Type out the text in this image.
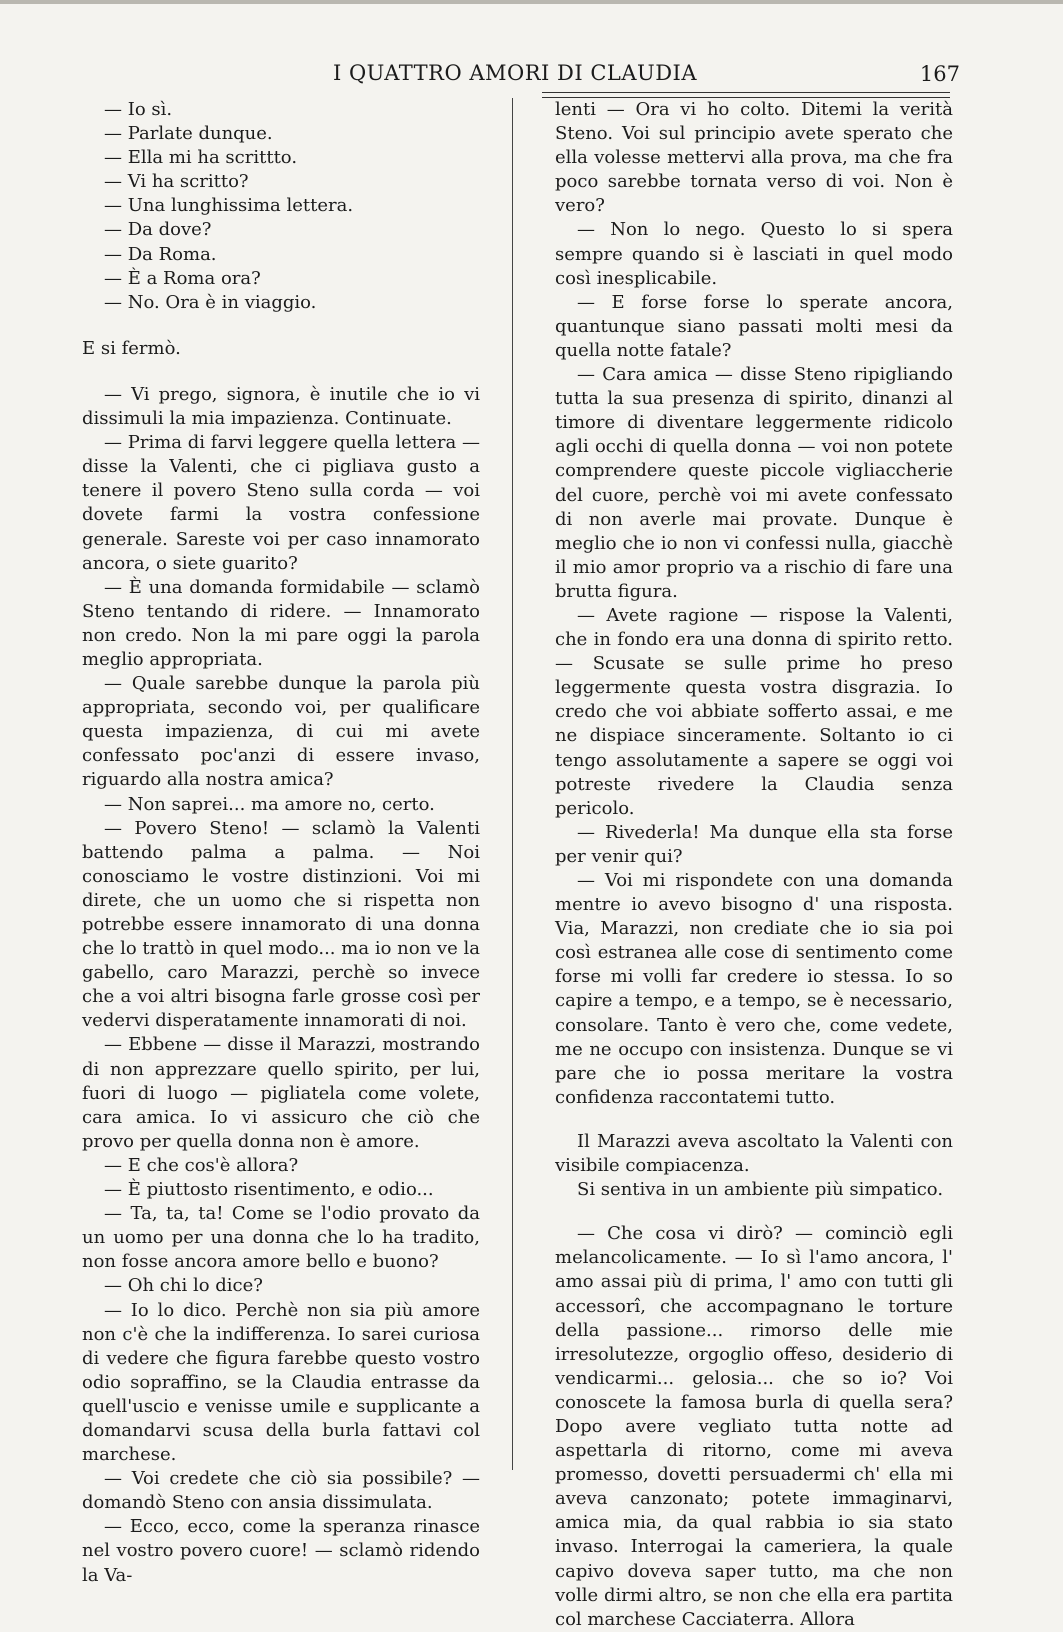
I QUATTRO AMORI DI CLAUDIA	167

— Io sì.

— Parlate dunque.

— Ella mi ha scrittto.

— Vi ha scritto?

— Una lunghissima lettera.

— Da dove?

— Da Roma.

— È a Roma ora?

— No. Ora è in viaggio.

E si fermò.

— Vi prego, signora, è inutile che io vi dissimuli la mia impazienza. Continuate.

— Prima di farvi leggere quella lettera — disse la Valenti, che ci pigliava gusto a tenere il povero Steno sulla corda — voi dovete farmi la vostra confessione generale. Sareste voi per caso innamorato ancora, o siete guarito?

— È una domanda formidabile — sclamò Steno tentando di ridere. — Innamorato non credo. Non la mi pare oggi la parola meglio appropriata.

— Quale sarebbe dunque la parola più appropriata, secondo voi, per qualificare questa impazienza, di cui mi avete confessato poc'anzi di essere invaso, riguardo alla nostra amica?

— Non saprei... ma amore no, certo.

— Povero Steno! — sclamò la Valenti battendo palma a palma. — Noi conosciamo le vostre distinzioni. Voi mi direte, che un uomo che si rispetta non potrebbe essere innamorato di una donna che lo trattò in quel modo... ma io non ve la gabello, caro Marazzi, perchè so invece che a voi altri bisogna farle grosse così per vedervi disperatamente innamorati di noi.

— Ebbene — disse il Marazzi, mostrando di non apprezzare quello spirito, per lui, fuori di luogo — pigliatela come volete, cara amica. Io vi assicuro che ciò che provo per quella donna non è amore.

— E che cos'è allora?

— È piuttosto risentimento, e odio...

— Ta, ta, ta! Come se l'odio provato da un uomo per una donna che lo ha tradito, non fosse ancora amore bello e buono?

— Oh chi lo dice?

— Io lo dico. Perchè non sia più amore non c'è che la indifferenza. Io sarei curiosa di vedere che figura farebbe questo vostro odio sopraffino, se la Claudia entrasse da quell'uscio e venisse umile e supplicante a domandarvi scusa della burla fattavi col marchese.

— Voi credete che ciò sia possibile? — domandò Steno con ansia dissimulata.

— Ecco, ecco, come la speranza rinasce nel vostro povero cuore! — sclamò ridendo la Va-

lenti — Ora vi ho colto. Ditemi la verità Steno. Voi sul principio avete sperato che ella volesse mettervi alla prova, ma che fra poco sarebbe tornata verso di voi. Non è vero?

— Non lo nego. Questo lo si spera sempre quando si è lasciati in quel modo così inesplicabile.

— E forse forse lo sperate ancora, quantunque siano passati molti mesi da quella notte fatale?

— Cara amica — disse Steno ripigliando tutta la sua presenza di spirito, dinanzi al timore di diventare leggermente ridicolo agli occhi di quella donna — voi non potete comprendere queste piccole vigliaccherie del cuore, perchè voi mi avete confessato di non averle mai provate. Dunque è meglio che io non vi confessi nulla, giacchè il mio amor proprio va a rischio di fare una brutta figura.

— Avete ragione — rispose la Valenti, che in fondo era una donna di spirito retto. — Scusate se sulle prime ho preso leggermente questa vostra disgrazia. Io credo che voi abbiate sofferto assai, e me ne dispiace sinceramente. Soltanto io ci tengo assolutamente a sapere se oggi voi potreste rivedere la Claudia senza pericolo.

— Rivederla! Ma dunque ella sta forse per venir qui?

— Voi mi rispondete con una domanda mentre io avevo bisogno d' una risposta. Via, Marazzi, non crediate che io sia poi così estranea alle cose di sentimento come forse mi volli far credere io stessa. Io so capire a tempo, e a tempo, se è necessario, consolare. Tanto è vero che, come vedete, me ne occupo con insistenza. Dunque se vi pare che io possa meritare la vostra confidenza raccontatemi tutto.

Il Marazzi aveva ascoltato la Valenti con visibile compiacenza.

Si sentiva in un ambiente più simpatico.

— Che cosa vi dirò? — cominciò egli melancolicamente. — Io sì l'amo ancora, l' amo assai più di prima, l' amo con tutti gli accessorî, che accompagnano le torture della passione... rimorso delle mie irresolutezze, orgoglio offeso, desiderio di vendicarmi... gelosia... che so io? Voi conoscete la famosa burla di quella sera? Dopo avere vegliato tutta notte ad aspettarla di ritorno, come mi aveva promesso, dovetti persuadermi ch' ella mi aveva canzonato; potete immaginarvi, amica mia, da qual rabbia io sia stato invaso. Interrogai la cameriera, la quale capivo doveva saper tutto, ma che non volle dirmi altro, se non che ella era partita col marchese Cacciaterra. Allora
